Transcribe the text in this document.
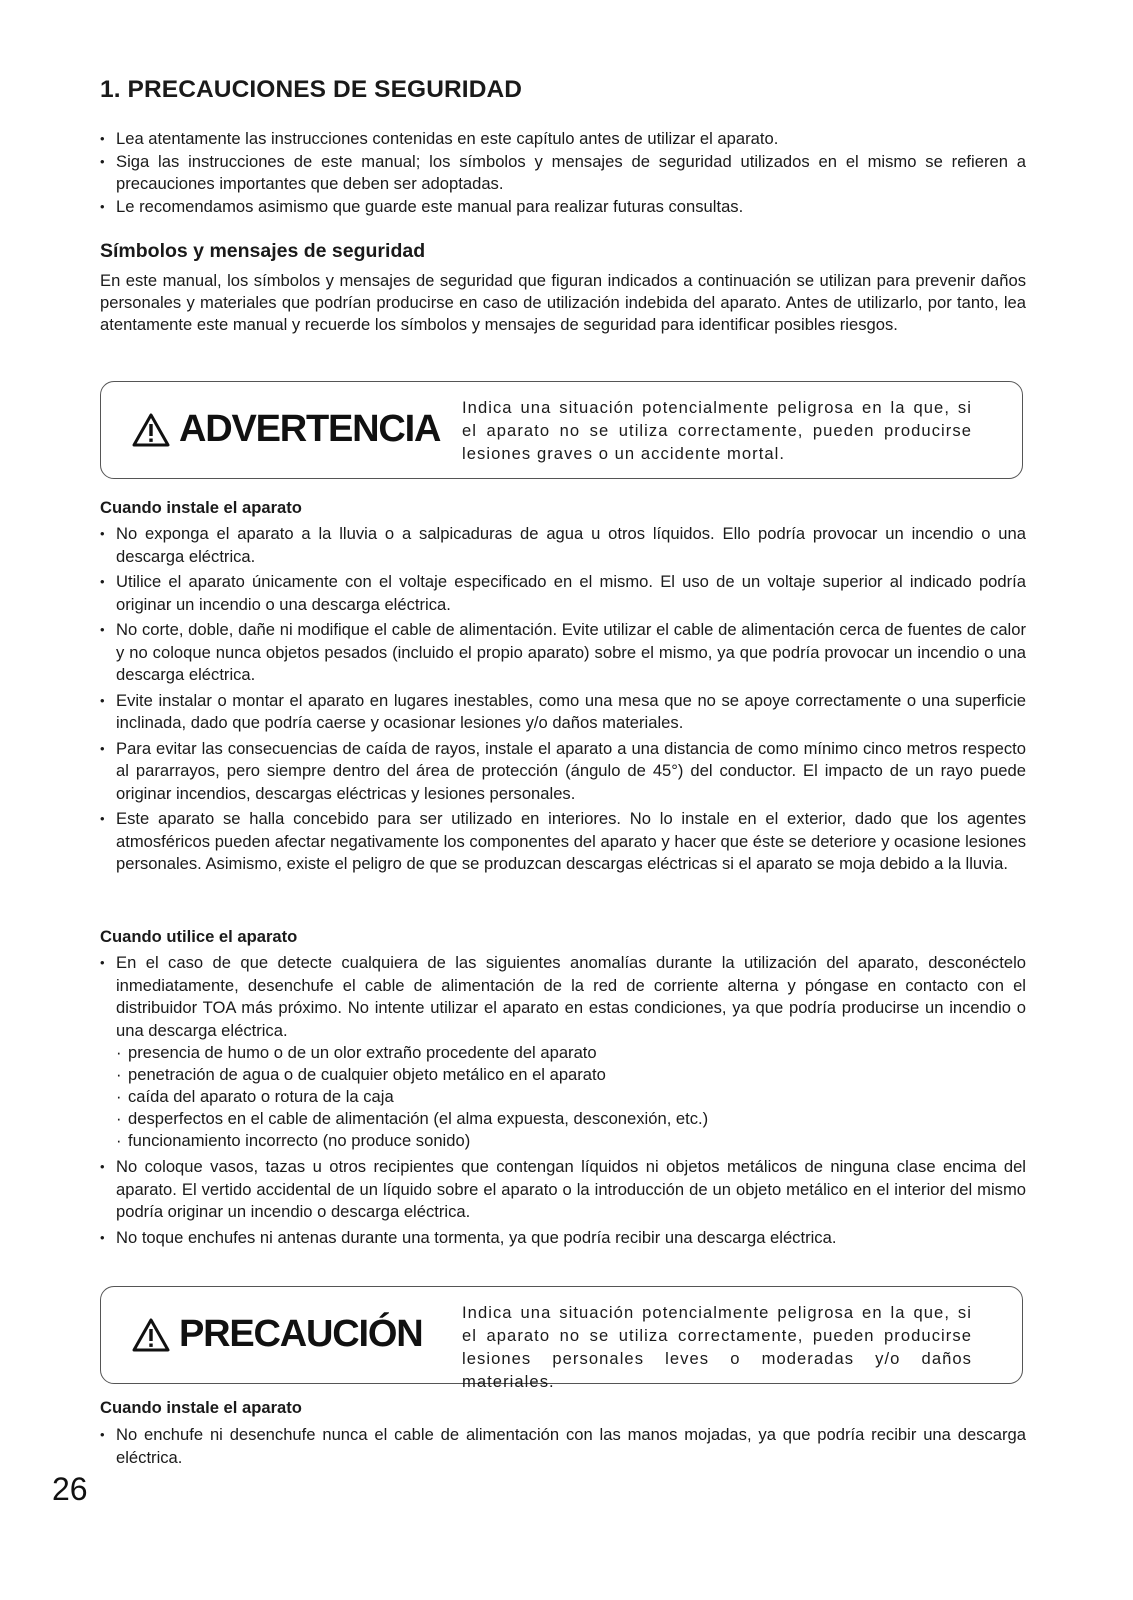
1. PRECAUCIONES DE SEGURIDAD
• Lea atentamente las instrucciones contenidas en este capítulo antes de utilizar el aparato.
• Siga las instrucciones de este manual; los símbolos y mensajes de seguridad utilizados en el mismo se refieren a precauciones importantes que deben ser adoptadas.
• Le recomendamos asimismo que guarde este manual para realizar futuras consultas.
Símbolos y mensajes de seguridad

En este manual, los símbolos y mensajes de seguridad que figuran indicados a continuación se utilizan para prevenir daños personales y materiales que podrían producirse en caso de utilización indebida del aparato. Antes de utilizarlo, por tanto, lea atentamente este manual y recuerde los símbolos y mensajes de seguridad para identificar posibles riesgos.

ADVERTENCIA

Indica una situación potencialmente peligrosa en la que, si el aparato no se utiliza correctamente, pueden producirse lesiones graves o un accidente mortal.

Cuando instale el aparato
• No exponga el aparato a la lluvia o a salpicaduras de agua u otros líquidos. Ello podría provocar un incendio o una descarga eléctrica.
• Utilice el aparato únicamente con el voltaje especificado en el mismo. El uso de un voltaje superior al indicado podría originar un incendio o una descarga eléctrica.
• No corte, doble, dañe ni modifique el cable de alimentación. Evite utilizar el cable de alimentación cerca de fuentes de calor y no coloque nunca objetos pesados (incluido el propio aparato) sobre el mismo, ya que podría provocar un incendio o una descarga eléctrica.
• Evite instalar o montar el aparato en lugares inestables, como una mesa que no se apoye correctamente o una superficie inclinada, dado que podría caerse y ocasionar lesiones y/o daños materiales.
• Para evitar las consecuencias de caída de rayos, instale el aparato a una distancia de como mínimo cinco metros respecto al pararrayos, pero siempre dentro del área de protección (ángulo de 45°) del conductor. El impacto de un rayo puede originar incendios, descargas eléctricas y lesiones personales.
• Este aparato se halla concebido para ser utilizado en interiores. No lo instale en el exterior, dado que los agentes atmosféricos pueden afectar negativamente los componentes del aparato y hacer que éste se deteriore y ocasione lesiones personales. Asimismo, existe el peligro de que se produzcan descargas eléctricas si el aparato se moja debido a la lluvia.
Cuando utilice el aparato
• En el caso de que detecte cualquiera de las siguientes anomalías durante la utilización del aparato, desconéctelo inmediatamente, desenchufe el cable de alimentación de la red de corriente alterna y póngase en contacto con el distribuidor TOA más próximo. No intente utilizar el aparato en estas condiciones, ya que podría producirse un incendio o una descarga eléctrica.
· presencia de humo o de un olor extraño procedente del aparato
· penetración de agua o de cualquier objeto metálico en el aparato
· caída del aparato o rotura de la caja
· desperfectos en el cable de alimentación (el alma expuesta, desconexión, etc.)
· funcionamiento incorrecto (no produce sonido)
• No coloque vasos, tazas u otros recipientes que contengan líquidos ni objetos metálicos de ninguna clase encima del aparato. El vertido accidental de un líquido sobre el aparato o la introducción de un objeto metálico en el interior del mismo podría originar un incendio o descarga eléctrica.
• No toque enchufes ni antenas durante una tormenta, ya que podría recibir una descarga eléctrica.
PRECAUCIÓN

Indica una situación potencialmente peligrosa en la que, si el aparato no se utiliza correctamente, pueden producirse lesiones personales leves o moderadas y/o daños materiales.

Cuando instale el aparato
• No enchufe ni desenchufe nunca el cable de alimentación con las manos mojadas, ya que podría recibir una descarga eléctrica.
26
